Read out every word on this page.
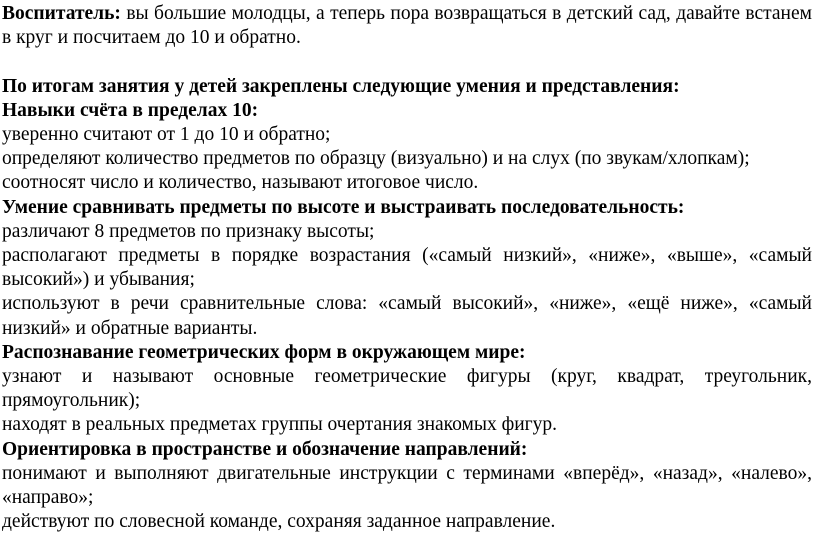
Воспитатель: вы большие молодцы, а теперь пора возвращаться в детский сад, давайте встанем в круг и посчитаем до 10 и обратно.

По итогам занятия у детей закреплены следующие умения и представления:

Навыки счёта в пределах 10:

уверенно считают от 1 до 10 и обратно;

определяют количество предметов по образцу (визуально) и на слух (по звукам/хлопкам);

соотносят число и количество, называют итоговое число.

Умение сравнивать предметы по высоте и выстраивать последовательность:

различают 8 предметов по признаку высоты;

располагают предметы в порядке возрастания («самый низкий», «ниже», «выше», «самый высокий») и убывания;

используют в речи сравнительные слова: «самый высокий», «ниже», «ещё ниже», «самый низкий» и обратные варианты.

Распознавание геометрических форм в окружающем мире:

узнают и называют основные геометрические фигуры (круг, квадрат, треугольник, прямоугольник);

находят в реальных предметах группы очертания знакомых фигур.

Ориентировка в пространстве и обозначение направлений:

понимают и выполняют двигательные инструкции с терминами «вперёд», «назад», «налево», «направо»;

действуют по словесной команде, сохраняя заданное направление.
